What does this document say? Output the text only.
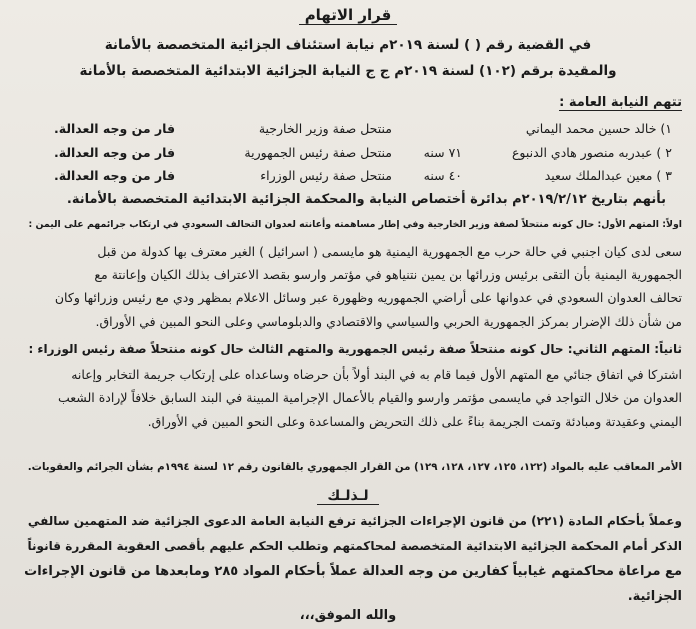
قرار الاتهام
في القضية رقم ( ) لسنة ٢٠١٩م نيابة استئناف الجزائية المتخصصة بالأمانة
والمقيدة برقم (١٠٢) لسنة ٢٠١٩م ج ج النيابة الجزائية الابتدائية المتخصصة بالأمانة
تتهم النيابة العامة :
١) خالد حسين محمد اليماني
منتحل صفة وزير الخارجية
فار من وجه العدالة.
٢ ) عبدربه منصور هادي الدنبوع
٧١ سنه
منتحل صفة رئيس الجمهورية
فار من وجه العدالة.
٣ ) معين عبدالملك سعيد
٤٠ سنه
منتحل صفة رئيس الوزراء
فار من وجه العدالة.
بأنهم بتاريخ ٢٠١٩/٢/١٢م بدائرة أختصاص النيابة والمحكمة الجزائية الابتدائية المتخصصة بالأمانة.
اولاً: المتهم الأول: حال كونه منتحلاً لصفة وزير الخارجية وفي إطار مساهمته وأعانته لعدوان التحالف السعودي في ارتكاب جرائمهم على اليمن :
سعى لدى كيان اجنبي في حالة حرب مع الجمهورية اليمنية هو مايسمى ( اسرائيل ) الغير معترف بها كدولة من قبل
الجمهورية اليمنية بأن التقى برئيس وزرائها بن يمين نتنياهو في مؤتمر وارسو بقصد الاعتراف بذلك الكيان وإعانتة مع
تحالف العدوان السعودي في عدوانها على أراضي الجمهوريه وظهورة عبر وسائل الاعلام بمظهر ودي مع رئيس وزرائها وكان
من شأن ذلك الإضرار بمركز الجمهورية الحربي والسياسي والاقتصادي والدبلوماسي وعلى النحو المبين في الأوراق.
ثانياً: المتهم الثاني: حال كونه منتحلاً صفة رئيس الجمهورية والمتهم الثالث حال كونه منتحلاً صفة رئيس الوزراء :
اشتركا في اتفاق جنائي مع المتهم الأول فيما قام به في البند أولاً بأن حرضاه وساعداه على إرتكاب جريمة التخابر وإعانه
العدوان من خلال التواجد في مايسمى مؤتمر وارسو والقيام بالأعمال الإجرامية المبينة في البند السابق خلافاً لإرادة الشعب
اليمني وعقيدتة ومبادئة وتمت الجريمة بناءً على ذلك التحريض والمساعدة وعلى النحو المبين في الأوراق.
الأمر المعاقب عليه بالمواد (١٢٢، ١٢٥، ١٢٧، ١٢٨، ١٢٩) من القرار الجمهوري بالقانون رقم ١٢ لسنة ١٩٩٤م بشأن الجرائم والعقوبات.
لـذلـك
وعملاً بأحكام المادة (٢٢١) من قانون الإجراءات الجزائية ترفع النيابة العامة الدعوى الجزائية ضد المتهمين سالفي
الذكر أمام المحكمة الجزائية الابتدائية المتخصصة لمحاكمتهم وتطلب الحكم عليهم بأقصى العقوبة المقررة قانوناً
مع مراعاة محاكمتهم غيابياً كفارين من وجه العدالة عملاً بأحكام المواد ٢٨٥ ومابعدها من قانون الإجراءات
الجزائية.
والله الموفق،،،
